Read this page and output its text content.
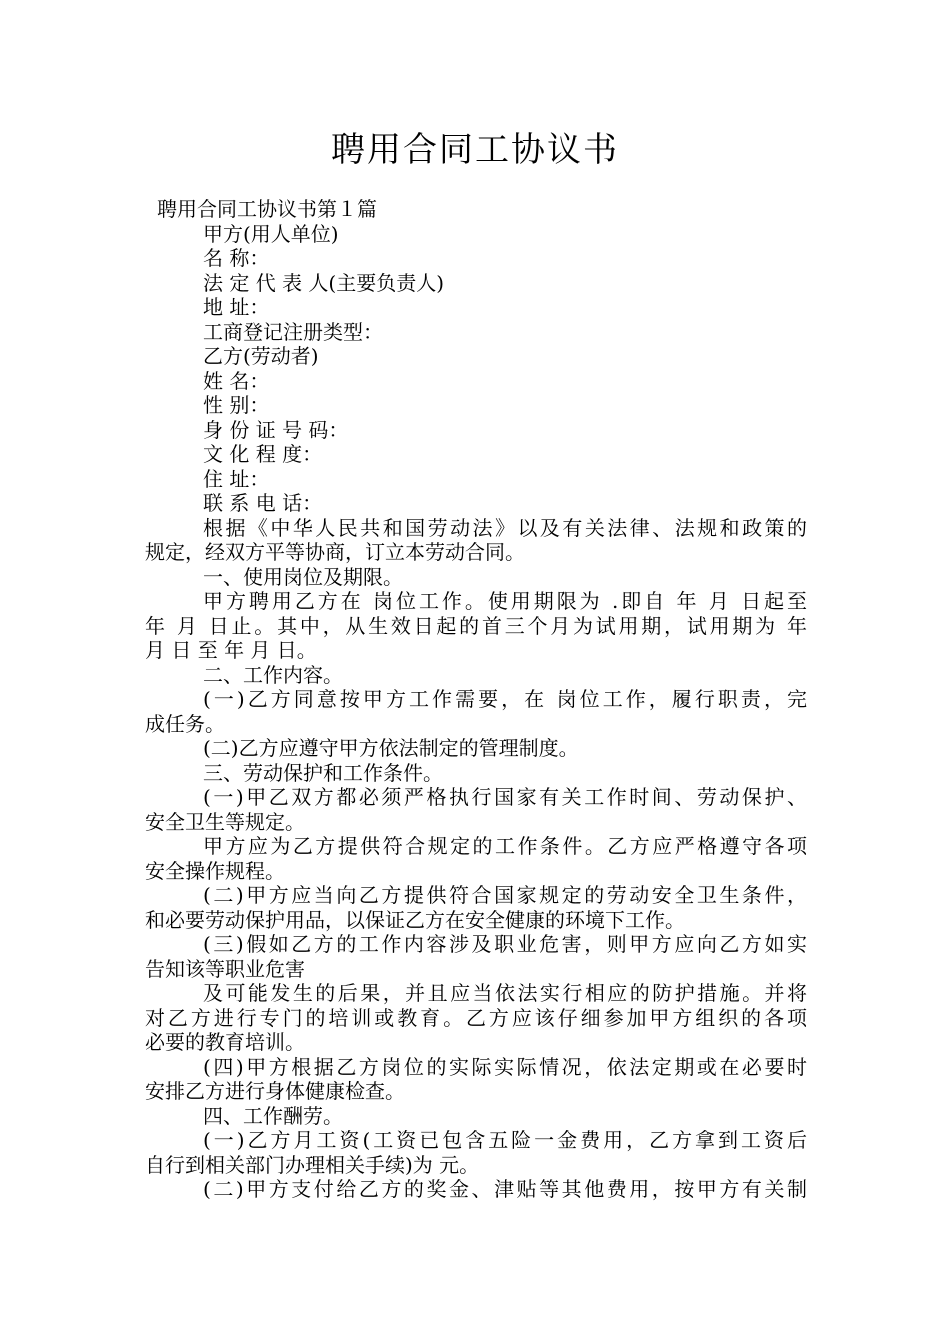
聘用合同工协议书
聘用合同工协议书第１篇
甲方(用人单位)
名 称：
法 定 代 表 人(主要负责人)
地 址：
工商登记注册类型：
乙方(劳动者)
姓 名：
性 别：
身 份 证 号 码：
文 化 程 度：
住 址：
联 系 电 话：
根据《中华人民共和国劳动法》以及有关法律、法规和政策的
规定，经双方平等协商，订立本劳动合同。
一、使用岗位及期限。
甲方聘用乙方在 岗位工作。使用期限为 .即自 年 月 日起至
年 月 日止。其中，从生效日起的首三个月为试用期，试用期为 年
月 日 至 年 月 日。
二、工作内容。
(一)乙方同意按甲方工作需要，在 岗位工作，履行职责，完
成任务。
(二)乙方应遵守甲方依法制定的管理制度。
三、劳动保护和工作条件。
(一)甲乙双方都必须严格执行国家有关工作时间、劳动保护、
安全卫生等规定。
甲方应为乙方提供符合规定的工作条件。乙方应严格遵守各项
安全操作规程。
(二)甲方应当向乙方提供符合国家规定的劳动安全卫生条件，
和必要劳动保护用品，以保证乙方在安全健康的环境下工作。
(三)假如乙方的工作内容涉及职业危害，则甲方应向乙方如实
告知该等职业危害
及可能发生的后果，并且应当依法实行相应的防护措施。并将
对乙方进行专门的培训或教育。乙方应该仔细参加甲方组织的各项
必要的教育培训。
(四)甲方根据乙方岗位的实际实际情况，依法定期或在必要时
安排乙方进行身体健康检查。
四、工作酬劳。
(一)乙方月工资(工资已包含五险一金费用，乙方拿到工资后
自行到相关部门办理相关手续)为 元。
(二)甲方支付给乙方的奖金、津贴等其他费用，按甲方有关制
